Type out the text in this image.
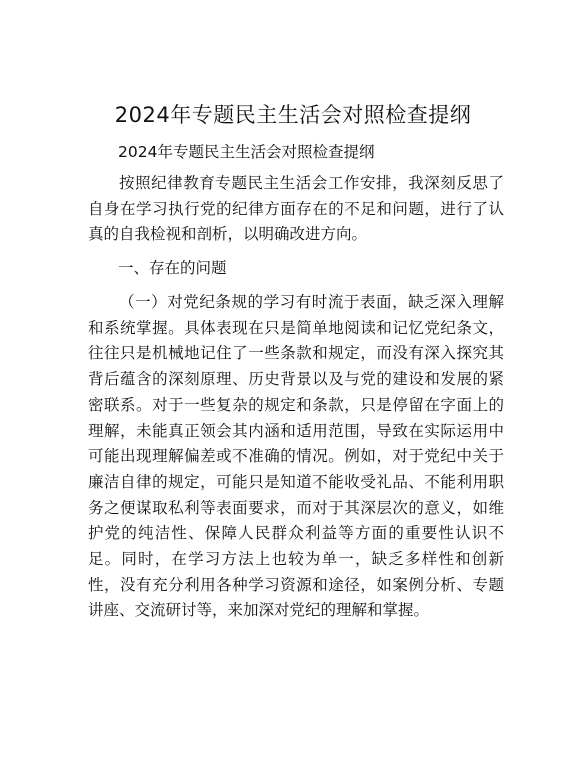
2024年专题民主生活会对照检查提纲

2024年专题民主生活会对照检查提纲

按照纪律教育专题民主生活会工作安排，我深刻反思了自身在学习执行党的纪律方面存在的不足和问题，进行了认真的自我检视和剖析，以明确改进方向。

一、存在的问题

（一）对党纪条规的学习有时流于表面，缺乏深入理解和系统掌握。具体表现在只是简单地阅读和记忆党纪条文，往往只是机械地记住了一些条款和规定，而没有深入探究其背后蕴含的深刻原理、历史背景以及与党的建设和发展的紧密联系。对于一些复杂的规定和条款，只是停留在字面上的理解，未能真正领会其内涵和适用范围，导致在实际运用中可能出现理解偏差或不准确的情况。例如，对于党纪中关于廉洁自律的规定，可能只是知道不能收受礼品、不能利用职务之便谋取私利等表面要求，而对于其深层次的意义，如维护党的纯洁性、保障人民群众利益等方面的重要性认识不足。同时，在学习方法上也较为单一，缺乏多样性和创新性，没有充分利用各种学习资源和途径，如案例分析、专题讲座、交流研讨等，来加深对党纪的理解和掌握。
